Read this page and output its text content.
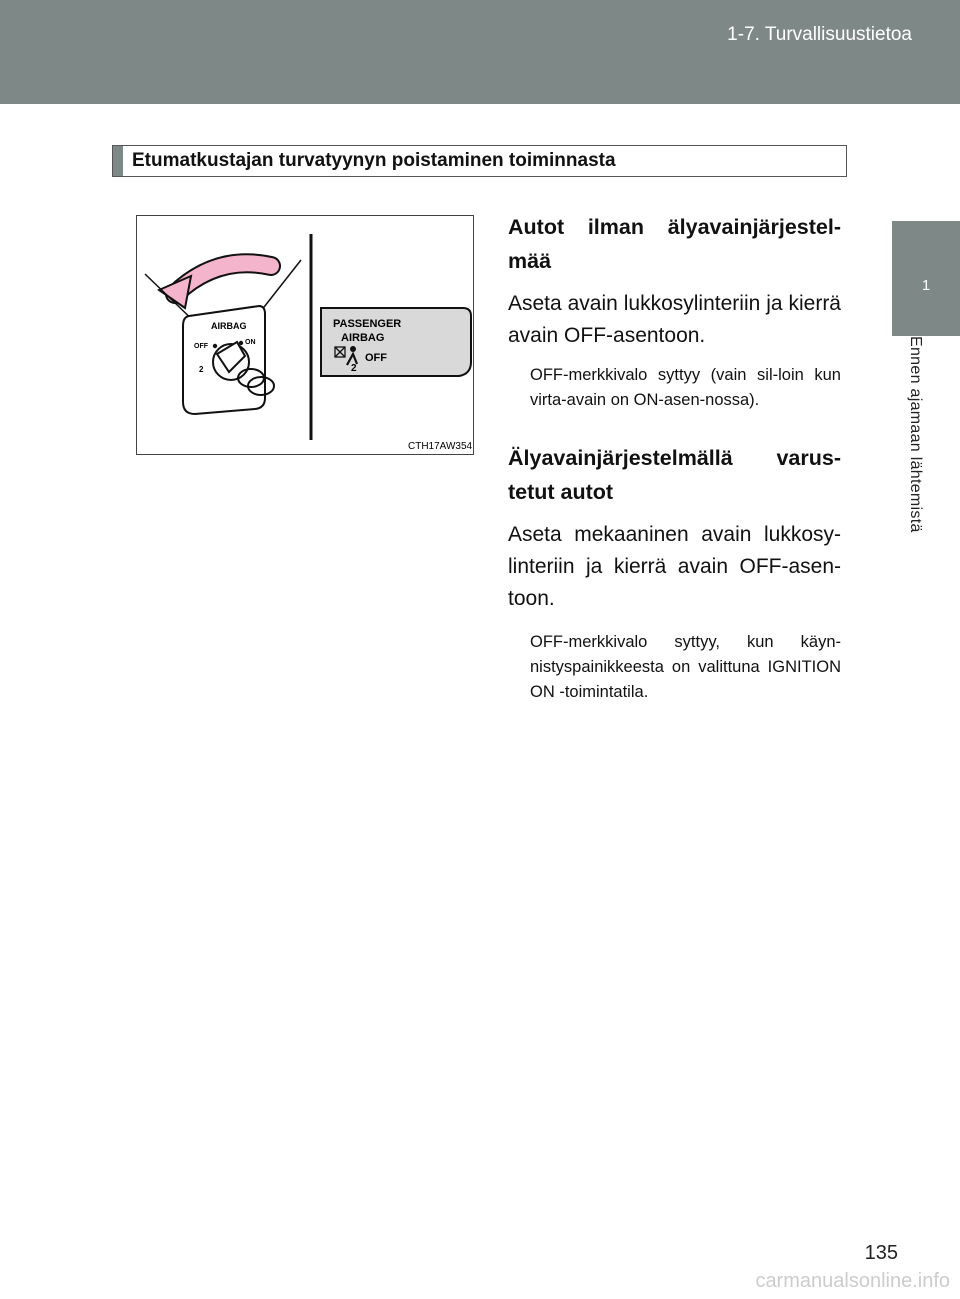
1-7. Turvallisuustietoa
1
Ennen ajamaan lähtemistä
Etumatkustajan turvatyynyn poistaminen toiminnasta
AIRBAG
OFF
ON
2
PASSENGER
AIRBAG
2
OFF
CTH17AW354
Autot ilman älyavainjärjestel-mää
Aseta avain lukkosylinteriin ja kierrä avain OFF-asentoon.
OFF-merkkivalo syttyy (vain sil-loin kun virta-avain on ON-asen-nossa).
Älyavainjärjestelmällä varus-tetut autot
Aseta mekaaninen avain lukkosy-linteriin ja kierrä avain OFF-asen-toon.
OFF-merkkivalo syttyy, kun käyn-nistyspainikkeesta on valittuna IGNITION ON -toimintatila.
135
carmanualsonline.info
